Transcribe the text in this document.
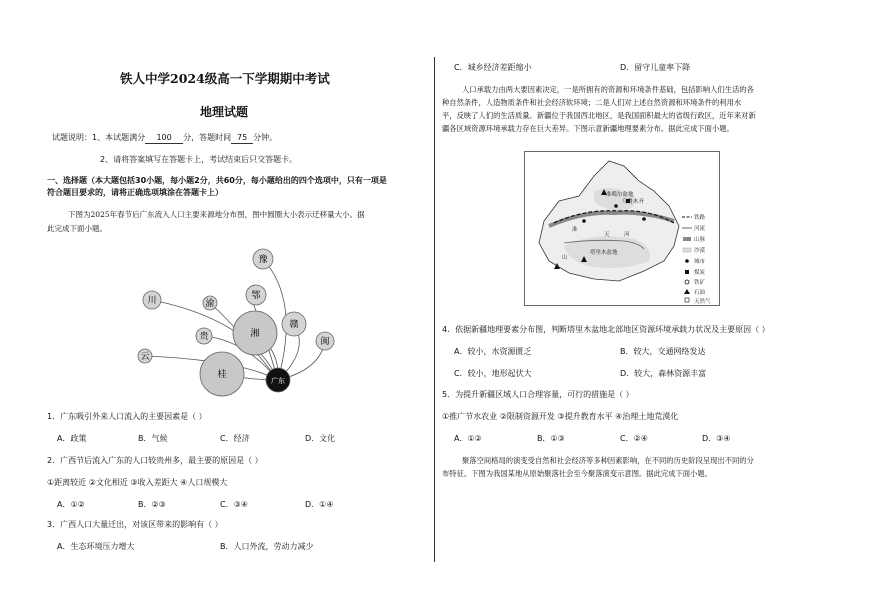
铁人中学2024级高一下学期期中考试
地理试题
试题说明：1、本试题满分 100 分，答题时间 75 分钟。
2、请将答案填写在答题卡上，考试结束后只交答题卡。
一、选择题（本大题包括30小题，每小题2分，共60分，每小题给出的四个选项中，只有一项是
符合题目要求的，请将正确选项填涂在答题卡上）
下图为2025年春节后广东流入人口主要来源地分布图，图中圆圈大小表示迁移量大小。据
此完成下面小题。
川	渝
鄂
豫
贵	湘
赣
云
闽
桂
广东
1．广东吸引外来人口流入的主要因素是（ ）
A．政策	B．气候	C．经济	D．文化
2．广西节后流入广东的人口较贵州多，最主要的原因是（ ）
①距离较近 ②文化相近 ③收入差距大 ④人口规模大
A．①②	B．②③	C．③④	D．①④
3．广西人口大量迁出，对该区带来的影响有（ ）
A．生态环境压力增大	B．人口外流，劳动力减少
C．城乡经济差距缩小	D．留守儿童率下降
人口承载力由两大要因素决定，一是所拥有的资源和环境条件基础，包括影响人们生活的各
种自然条件，人造物质条件和社会经济软环境；二是人们对上述自然资源和环境条件的利用水
平，反映了人们的生活质量。新疆位于我国西北地区，是我国面积最大的省级行政区，近年来对新
疆各区域资源环境承载力存在巨大差异。下图示意新疆地理要素分布。据此完成下面小题。
准噶尔盆地
乌鲁木齐
准
天	河
塔里木盆地
山
铁路
河流
山脉
沙漠
城市
煤炭
铁矿
石油
天然气
4．依据新疆地理要素分布图，判断塔里木盆地北部地区资源环境承载力状况及主要原因（ ）
A．较小，水资源匮乏	B．较大，交通网络发达
C．较小，地形起伏大	D．较大，森林资源丰富
5．为提升新疆区域人口合理容量，可行的措施是（ ）
①推广节水农业 ②限制资源开发 ③提升教育水平 ④治理土地荒漠化
A．①②	B．①③	C．②④	D．③④
聚落空间格局的演变受自然和社会经济等多种因素影响，在不同的历史阶段呈现出不同的分
布特征。下图为我国某地从原始聚落社会至今聚落演变示意图。据此完成下面小题。
